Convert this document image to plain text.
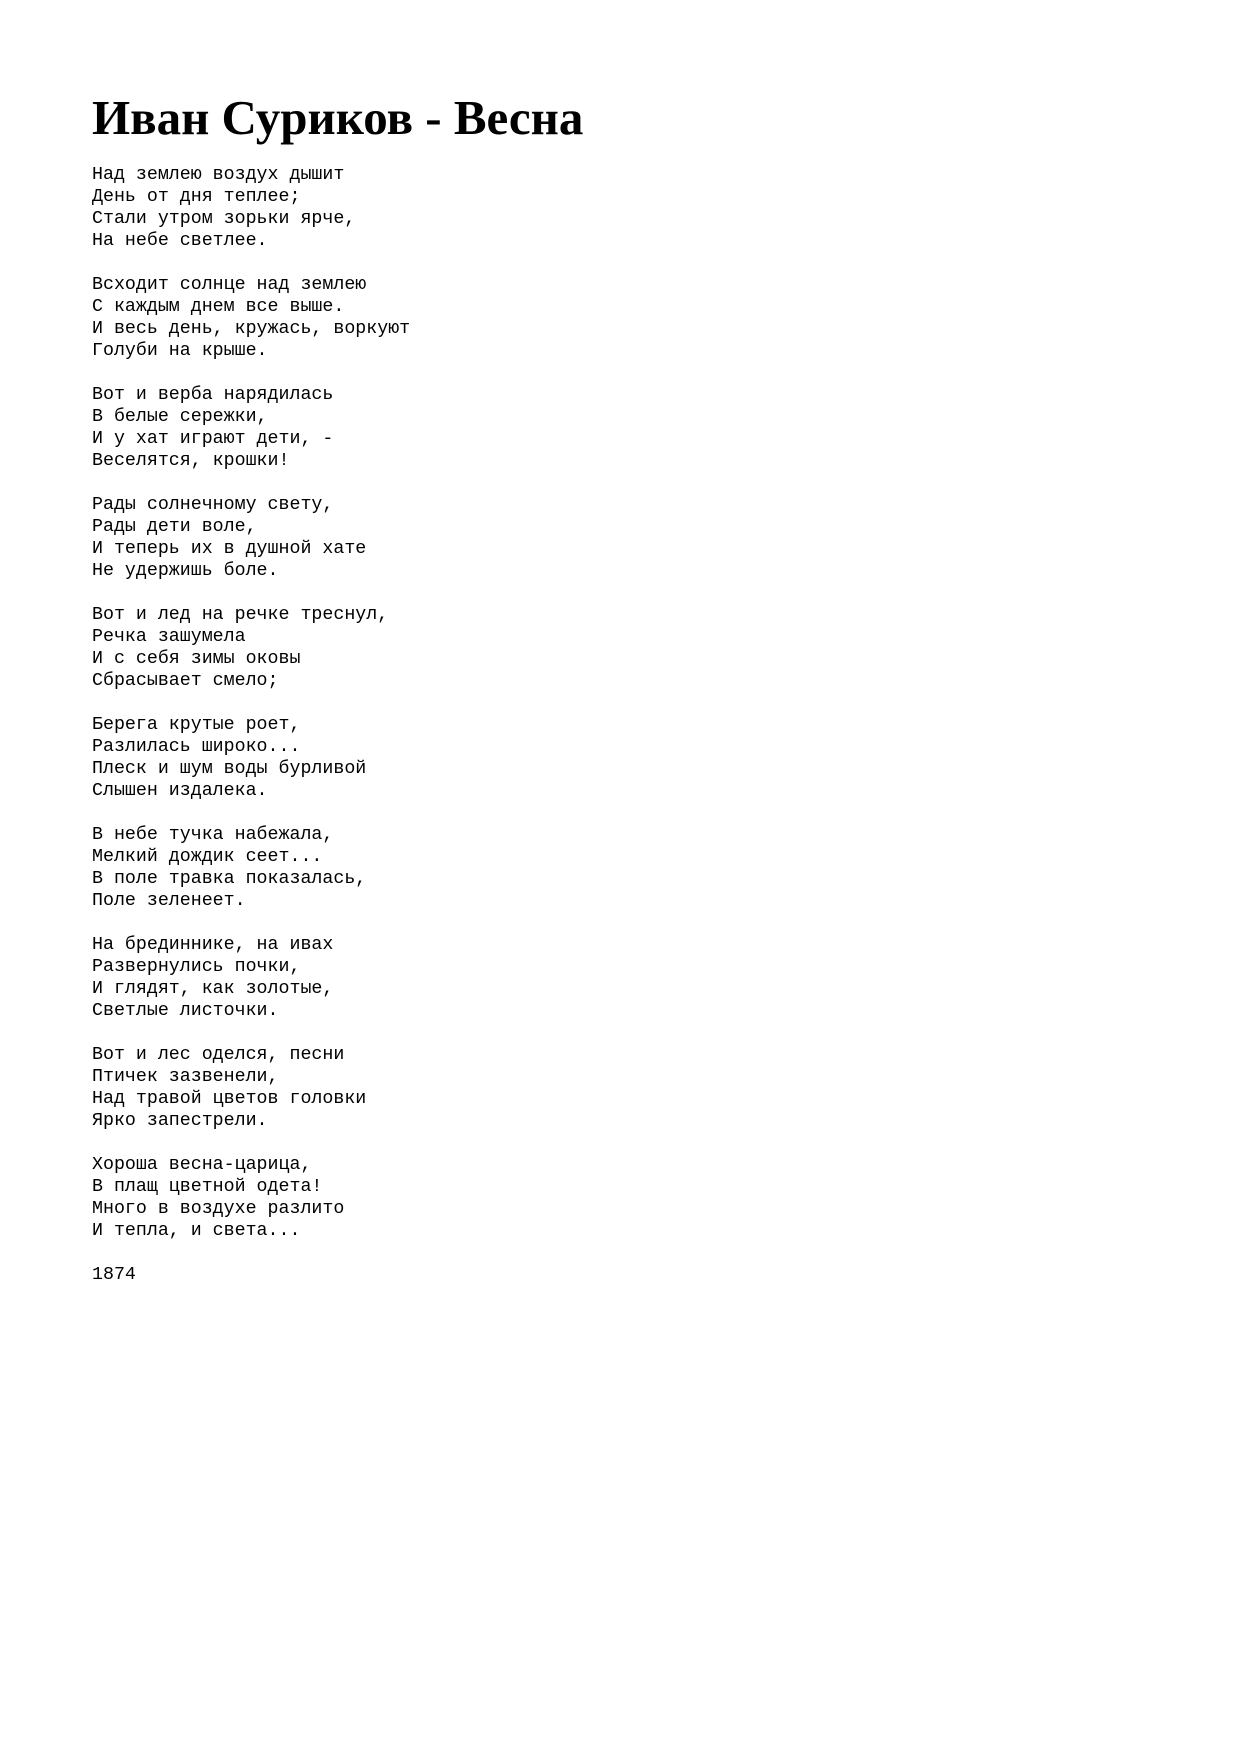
Иван Суриков - Весна
Над землею воздух дышит
День от дня теплее;
Стали утром зорьки ярче,
На небе светлее.
Всходит солнце над землею
С каждым днем все выше.
И весь день, кружась, воркуют
Голуби на крыше.
Вот и верба нарядилась
В белые сережки,
И у хат играют дети, -
Веселятся, крошки!
Рады солнечному свету,
Рады дети воле,
И теперь их в душной хате
Не удержишь боле.
Вот и лед на речке треснул,
Речка зашумела
И с себя зимы оковы
Сбрасывает смело;
Берега крутые роет,
Разлилась широко...
Плеск и шум воды бурливой
Слышен издалека.
В небе тучка набежала,
Мелкий дождик сеет...
В поле травка показалась,
Поле зеленеет.
На брединнике, на ивах
Развернулись почки,
И глядят, как золотые,
Светлые листочки.
Вот и лес оделся, песни
Птичек зазвенели,
Над травой цветов головки
Ярко запестрели.
Хороша весна-царица,
В плащ цветной одета!
Много в воздухе разлито
И тепла, и света...
1874
